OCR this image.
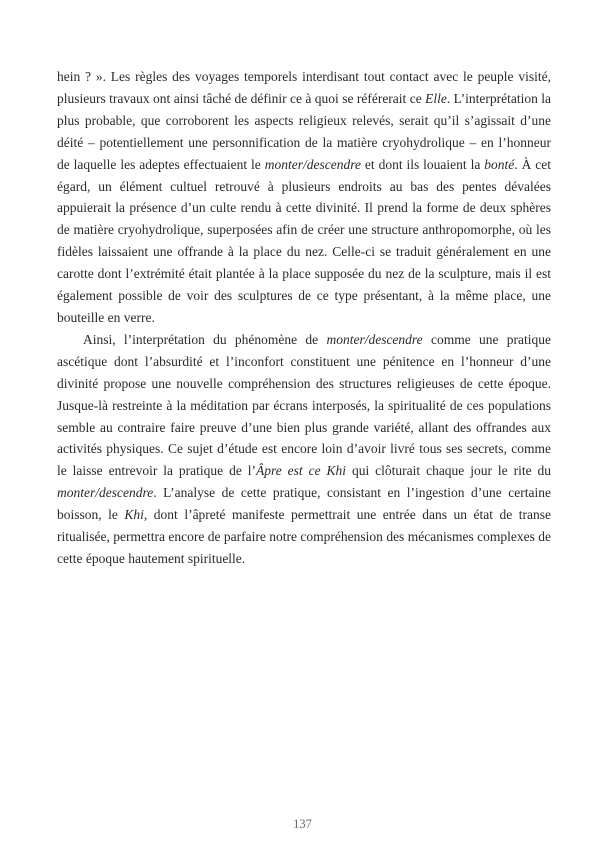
hein ? ». Les règles des voyages temporels interdisant tout contact avec le peuple visité, plusieurs travaux ont ainsi tâché de définir ce à quoi se référerait ce Elle. L’interprétation la plus probable, que corroborent les aspects religieux relevés, serait qu’il s’agissait d’une déité – potentiellement une personnification de la matière cryohydrolique – en l’honneur de laquelle les adeptes effectuaient le monter/descendre et dont ils louaient la bonté. À cet égard, un élément cultuel retrouvé à plusieurs endroits au bas des pentes dévalées appuierait la présence d’un culte rendu à cette divinité. Il prend la forme de deux sphères de matière cryohydrolique, superposées afin de créer une structure anthropomorphe, où les fidèles laissaient une offrande à la place du nez. Celle-ci se traduit généralement en une carotte dont l’extrémité était plantée à la place supposée du nez de la sculpture, mais il est également possible de voir des sculptures de ce type présentant, à la même place, une bouteille en verre.

Ainsi, l’interprétation du phénomène de monter/descendre comme une pratique ascétique dont l’absurdité et l’inconfort constituent une pénitence en l’honneur d’une divinité propose une nouvelle compréhension des structures religieuses de cette époque. Jusque-là restreinte à la méditation par écrans interposés, la spiritualité de ces populations semble au contraire faire preuve d’une bien plus grande variété, allant des offrandes aux activités physiques. Ce sujet d’étude est encore loin d’avoir livré tous ses secrets, comme le laisse entrevoir la pratique de l’Âpre est ce Khi qui clôturait chaque jour le rite du monter/descendre. L’analyse de cette pratique, consistant en l’ingestion d’une certaine boisson, le Khi, dont l’âpreté manifeste permettrait une entrée dans un état de transe ritualisée, permettra encore de parfaire notre compréhension des mécanismes complexes de cette époque hautement spirituelle.

137
